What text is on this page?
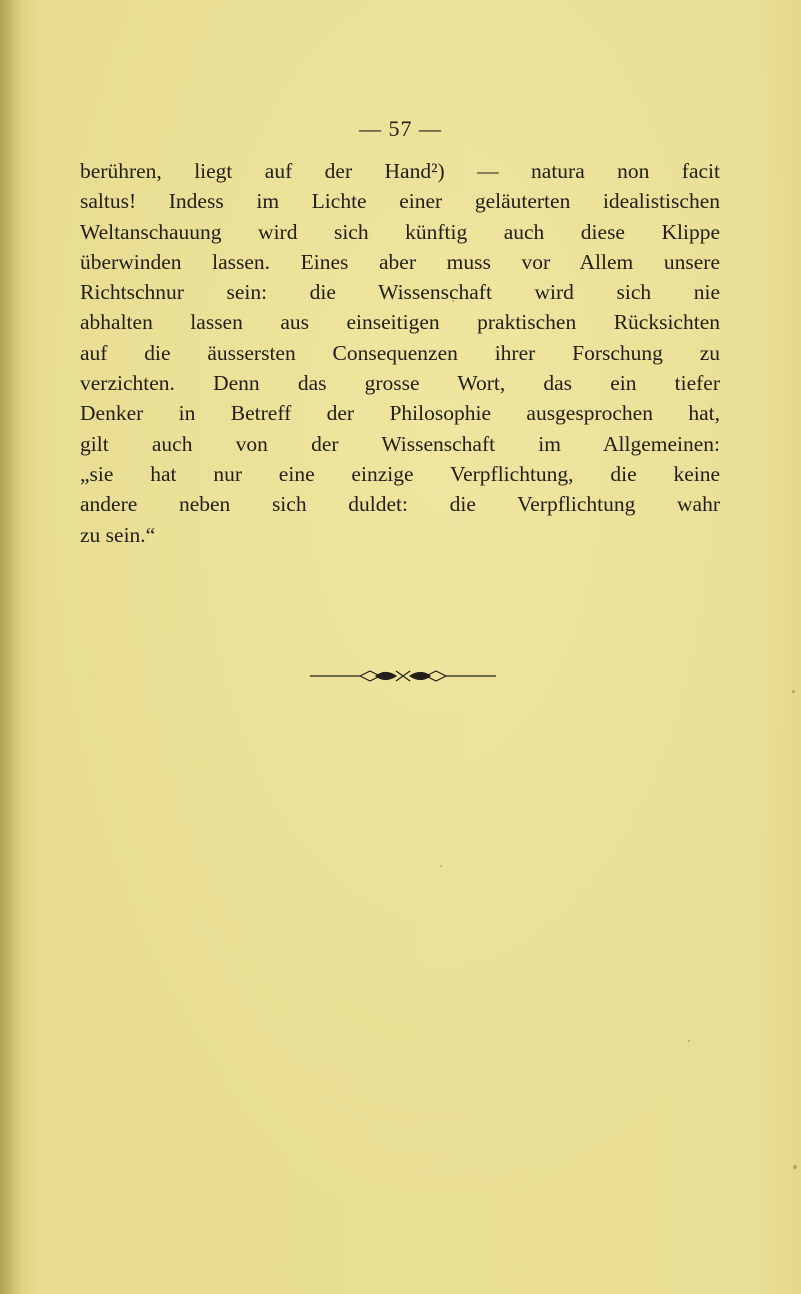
— 57 —
berühren, liegt auf der Hand²) — natura non facit
saltus! Indess im Lichte einer geläuterten idealistischen
Weltanschauung wird sich künftig auch diese Klippe
überwinden lassen. Eines aber muss vor Allem unsere
Richtschnur sein: die Wissenschaft wird sich nie
abhalten lassen aus einseitigen praktischen Rücksichten
auf die äussersten Consequenzen ihrer Forschung zu
verzichten. Denn das grosse Wort, das ein tiefer
Denker in Betreff der Philosophie ausgesprochen hat,
gilt auch von der Wissenschaft im Allgemeinen:
„sie hat nur eine einzige Verpflichtung, die keine
andere neben sich duldet: die Verpflichtung wahr
zu sein.“
